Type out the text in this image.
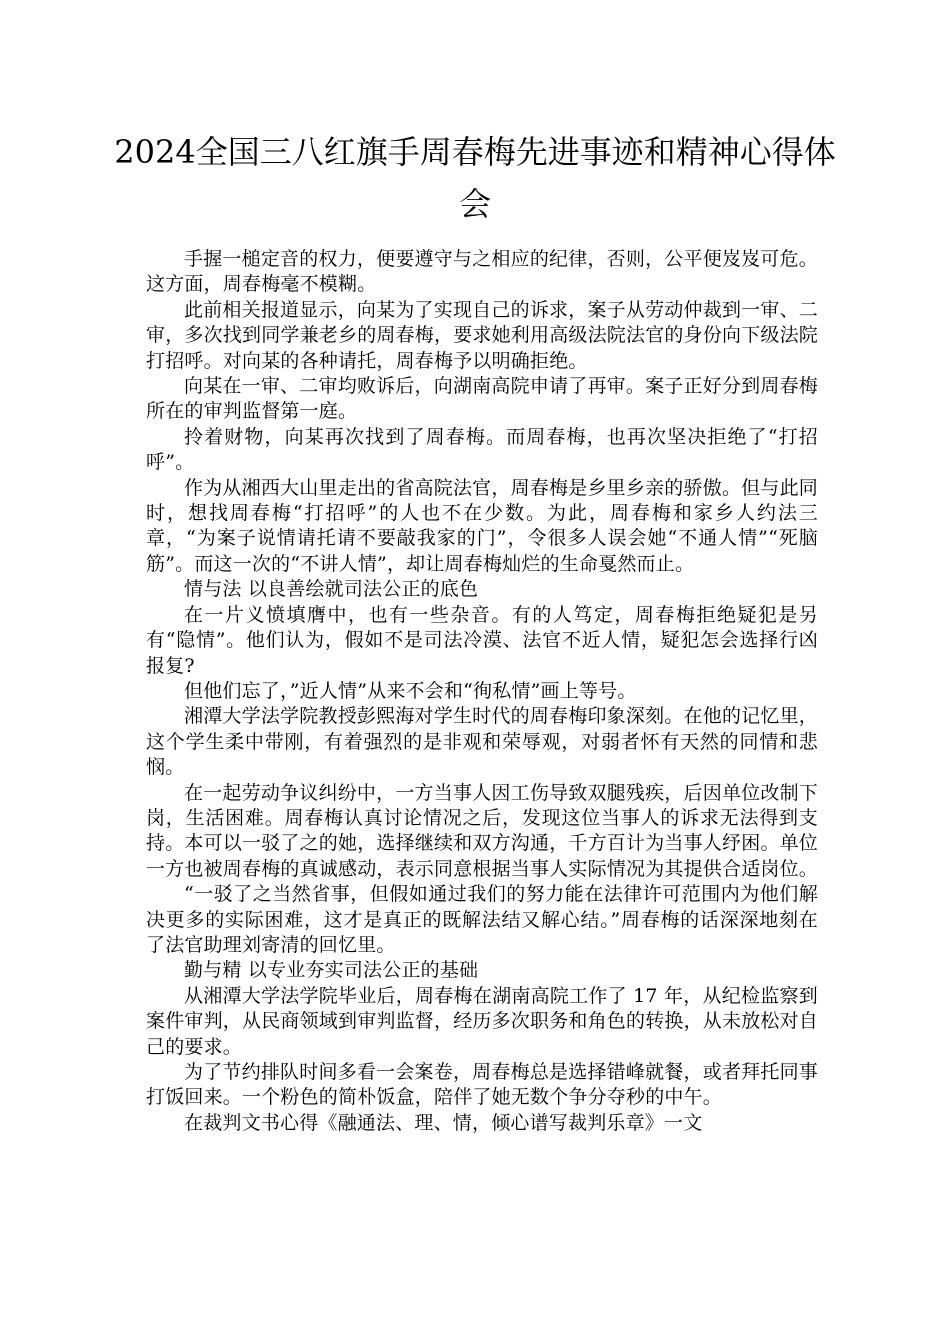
2024全国三八红旗手周春梅先进事迹和精神心得体会

手握一槌定音的权力，便要遵守与之相应的纪律，否则，公平便岌岌可危。这方面，周春梅毫不模糊。

此前相关报道显示，向某为了实现自己的诉求，案子从劳动仲裁到一审、二审，多次找到同学兼老乡的周春梅，要求她利用高级法院法官的身份向下级法院打招呼。对向某的各种请托，周春梅予以明确拒绝。

向某在一审、二审均败诉后，向湖南高院申请了再审。案子正好分到周春梅所在的审判监督第一庭。

拎着财物，向某再次找到了周春梅。而周春梅，也再次坚决拒绝了“打招呼”。

作为从湘西大山里走出的省高院法官，周春梅是乡里乡亲的骄傲。但与此同时，想找周春梅“打招呼”的人也不在少数。为此，周春梅和家乡人约法三章，“为案子说情请托请不要敲我家的门”，令很多人误会她“不通人情”“死脑筋”。而这一次的“不讲人情”，却让周春梅灿烂的生命戛然而止。

情与法 以良善绘就司法公正的底色

在一片义愤填膺中，也有一些杂音。有的人笃定，周春梅拒绝疑犯是另有“隐情”。他们认为，假如不是司法冷漠、法官不近人情，疑犯怎会选择行凶报复?

但他们忘了，”近人情”从来不会和“徇私情”画上等号。

湘潭大学法学院教授彭熙海对学生时代的周春梅印象深刻。在他的记忆里，这个学生柔中带刚，有着强烈的是非观和荣辱观，对弱者怀有天然的同情和悲悯。

在一起劳动争议纠纷中，一方当事人因工伤导致双腿残疾，后因单位改制下岗，生活困难。周春梅认真讨论情况之后，发现这位当事人的诉求无法得到支持。本可以一驳了之的她，选择继续和双方沟通，千方百计为当事人纾困。单位一方也被周春梅的真诚感动，表示同意根据当事人实际情况为其提供合适岗位。

“一驳了之当然省事，但假如通过我们的努力能在法律许可范围内为他们解决更多的实际困难，这才是真正的既解法结又解心结。”周春梅的话深深地刻在了法官助理刘寄清的回忆里。

勤与精 以专业夯实司法公正的基础

从湘潭大学法学院毕业后，周春梅在湖南高院工作了 17 年，从纪检监察到案件审判，从民商领域到审判监督，经历多次职务和角色的转换，从未放松对自己的要求。

为了节约排队时间多看一会案卷，周春梅总是选择错峰就餐，或者拜托同事打饭回来。一个粉色的简朴饭盒，陪伴了她无数个争分夺秒的中午。

在裁判文书心得《融通法、理、情，倾心谱写裁判乐章》一文
